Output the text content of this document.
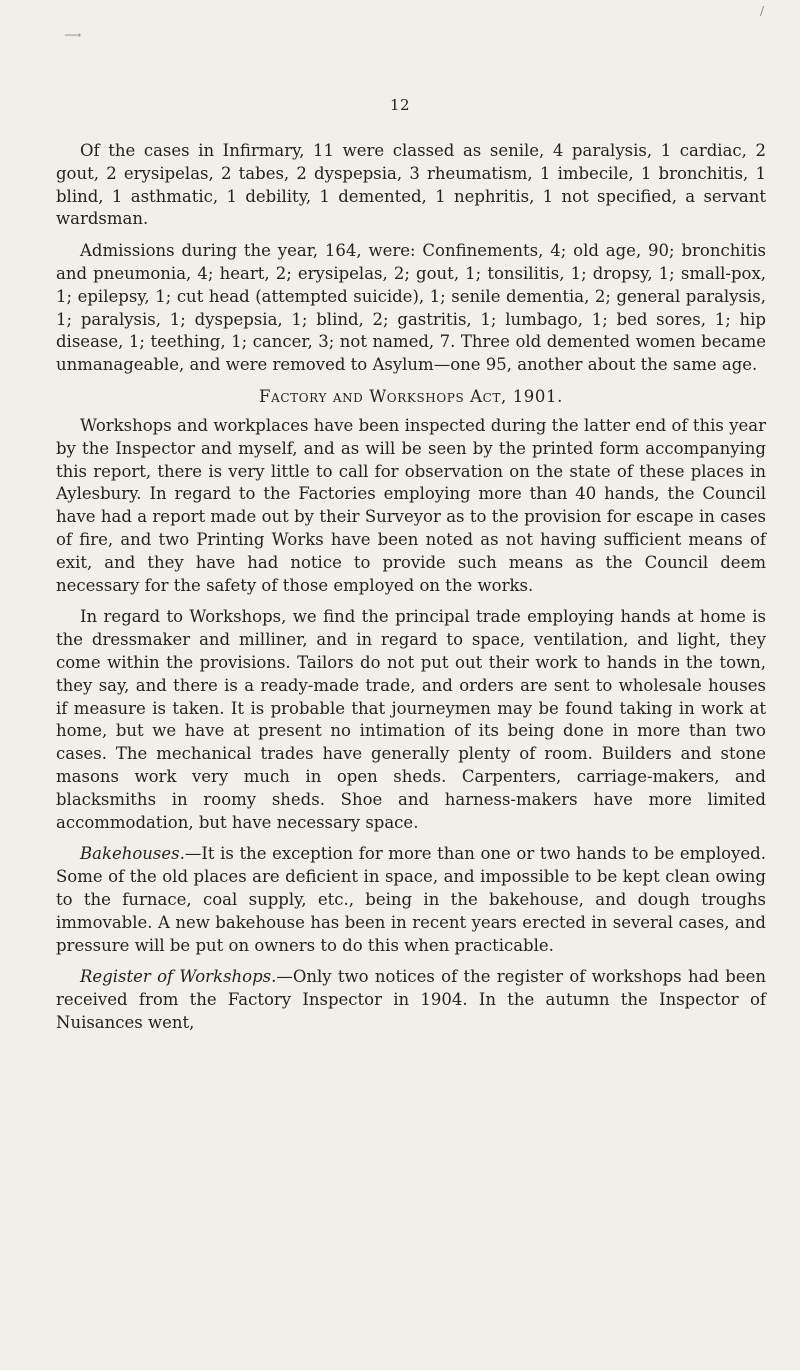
⟶
/
12

Of the cases in Infirmary, 11 were classed as senile, 4 paralysis, 1 cardiac, 2 gout, 2 erysipelas, 2 tabes, 2 dyspepsia, 3 rheumatism, 1 imbecile, 1 bronchitis, 1 blind, 1 asthmatic, 1 debility, 1 demented, 1 nephritis, 1 not specified, a servant wardsman.

Admissions during the year, 164, were: Confinements, 4; old age, 90; bronchitis and pneumonia, 4; heart, 2; erysipelas, 2; gout, 1; tonsilitis, 1; dropsy, 1; small-pox, 1; epilepsy, 1; cut head (attempted suicide), 1; senile dementia, 2; general paralysis, 1; paralysis, 1; dyspepsia, 1; blind, 2; gastritis, 1; lumbago, 1; bed sores, 1; hip disease, 1; teething, 1; cancer, 3; not named, 7. Three old demented women became unmanageable, and were removed to Asylum—one 95, another about the same age.

Factory and Workshops Act, 1901.

Workshops and workplaces have been inspected during the latter end of this year by the Inspector and myself, and as will be seen by the printed form accompanying this report, there is very little to call for observation on the state of these places in Aylesbury. In regard to the Factories employing more than 40 hands, the Council have had a report made out by their Surveyor as to the provision for escape in cases of fire, and two Printing Works have been noted as not having sufficient means of exit, and they have had notice to provide such means as the Council deem necessary for the safety of those employed on the works.

In regard to Workshops, we find the principal trade employing hands at home is the dressmaker and milliner, and in regard to space, ventilation, and light, they come within the provisions. Tailors do not put out their work to hands in the town, they say, and there is a ready-made trade, and orders are sent to wholesale houses if measure is taken. It is probable that journeymen may be found taking in work at home, but we have at present no intimation of its being done in more than two cases. The mechanical trades have generally plenty of room. Builders and stone masons work very much in open sheds. Carpenters, carriage-makers, and blacksmiths in roomy sheds. Shoe and harness-makers have more limited accommodation, but have necessary space.

Bakehouses.—It is the exception for more than one or two hands to be employed. Some of the old places are deficient in space, and impossible to be kept clean owing to the furnace, coal supply, etc., being in the bakehouse, and dough troughs immovable. A new bakehouse has been in recent years erected in several cases, and pressure will be put on owners to do this when practicable.

Register of Workshops.—Only two notices of the register of workshops had been received from the Factory Inspector in 1904. In the autumn the Inspector of Nuisances went,
